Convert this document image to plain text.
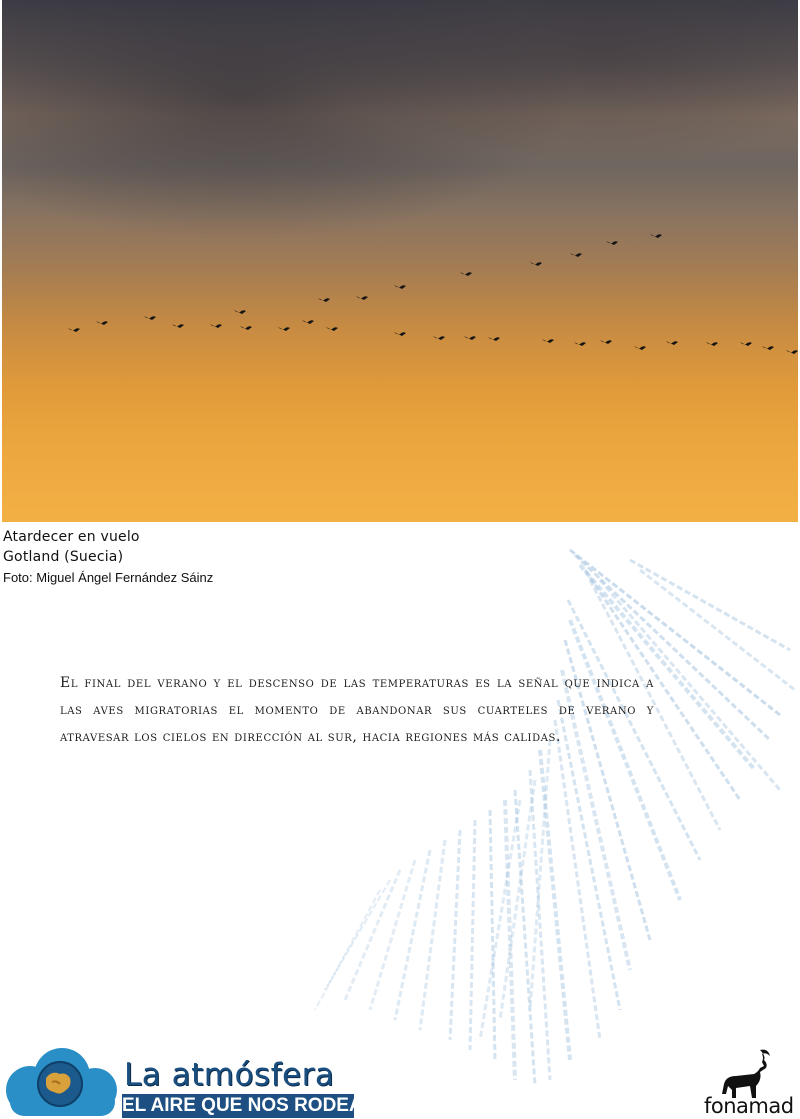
Atardecer en vuelo

Gotland (Suecia)

Foto: Miguel Ángel Fernández Sáinz

El final del verano y el descenso de las temperaturas es la señal que indica a las aves migratorias el momento de abandonar sus cuarteles de verano y atravesar los cielos en dirección al sur, hacia regiones más calidas.

La atmósfera
EL AIRE QUE NOS RODEA	fonamad
